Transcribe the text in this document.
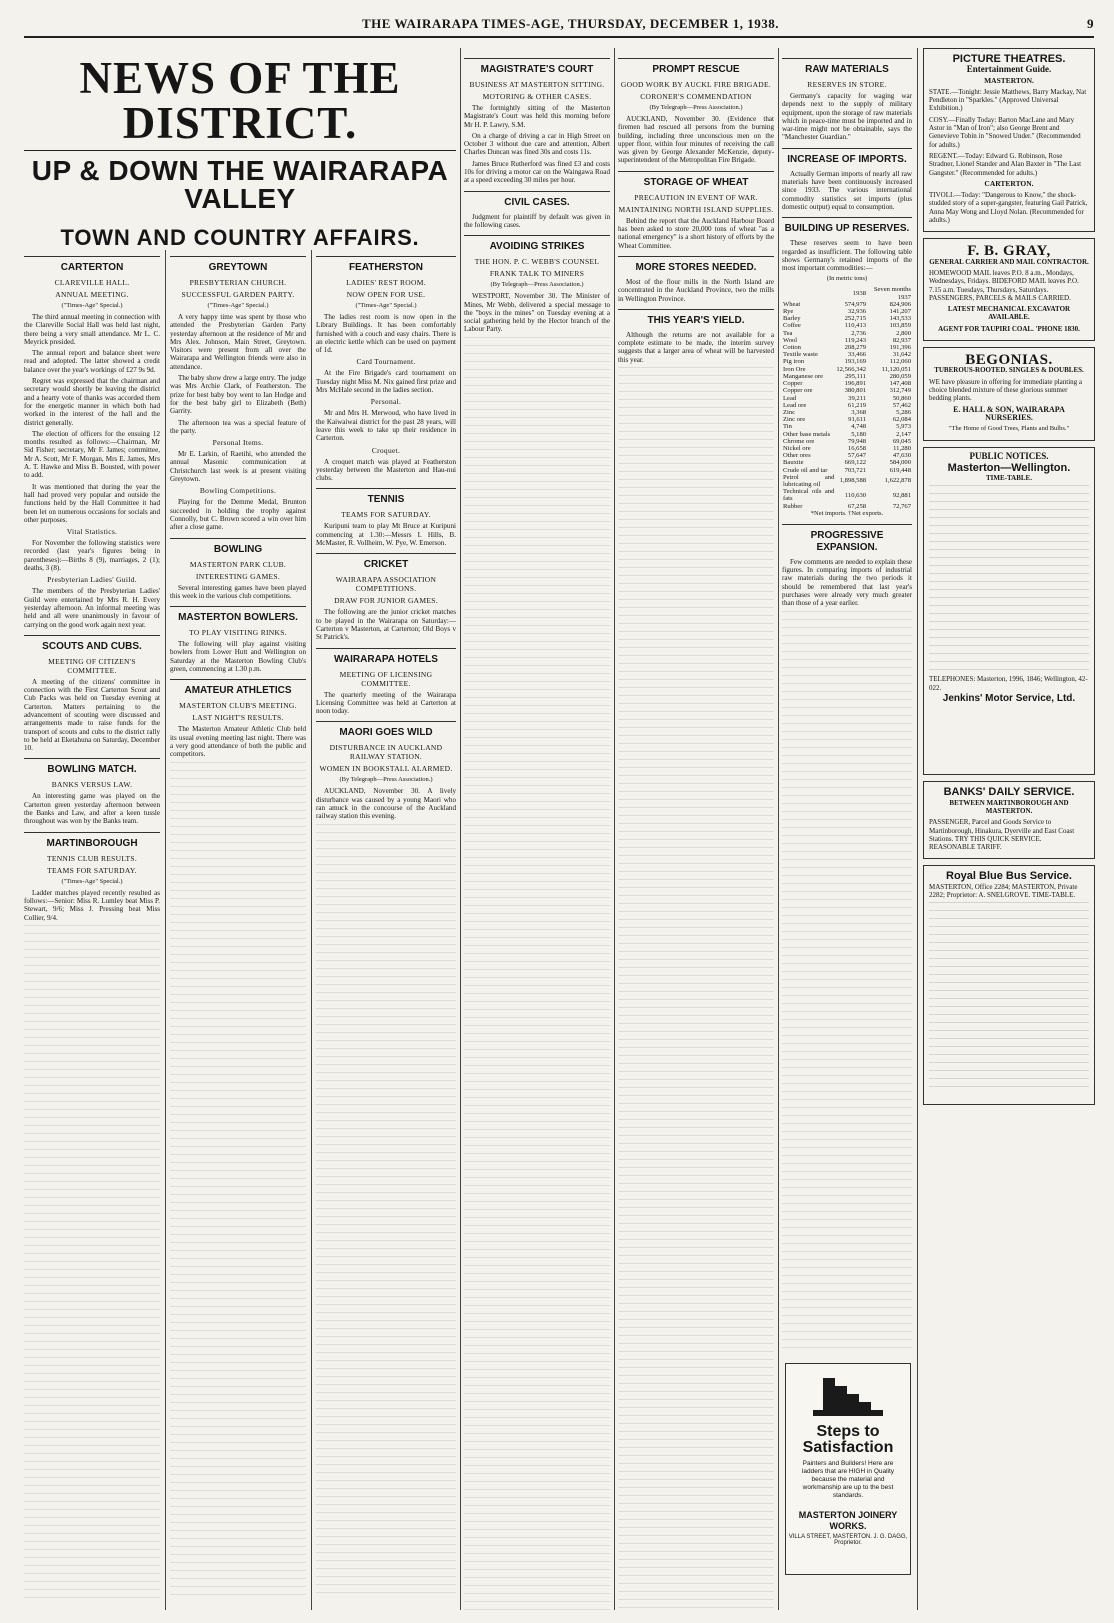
THE WAIRARAPA TIMES-AGE, THURSDAY, DECEMBER 1, 1938.	9
NEWS OF THE DISTRICT.
UP & DOWN THE WAIRARAPA VALLEY
TOWN AND COUNTRY AFFAIRS.
CARTERTON
CLAREVILLE HALL.
ANNUAL MEETING.
("Times-Age" Special.)

The third annual meeting in connection with the Clareville Social Hall was held last night, there being a very small attendance. Mr L. C. Meyrick presided.

The annual report and balance sheet were read and adopted. The latter showed a credit balance over the year's workings of £27 9s 9d.

Regret was expressed that the chairman and secretary would shortly be leaving the district and a hearty vote of thanks was accorded them for the energetic manner in which both had worked in the interest of the hall and the district generally.

The election of officers for the ensuing 12 months resulted as follows:—Chairman, Mr Sid Fisher; secretary, Mr F. James; committee, Mr A. Scott, Mr F. Morgan, Mrs E. James, Mrs A. T. Hawke and Miss B. Bousted, with power to add.

It was mentioned that during the year the hall had proved very popular and outside the functions held by the Hall Committee it had been let on numerous occasions for socials and other purposes.

Vital Statistics.

For November the following statistics were recorded (last year's figures being in parentheses):—Births 8 (9), marriages, 2 (1); deaths, 3 (8).

Presbyterian Ladies' Guild.

The members of the Presbyterian Ladies' Guild were entertained by Mrs R. H. Every yesterday afternoon. An informal meeting was held and all were unanimously in favour of carrying on the good work again next year.

SCOUTS AND CUBS.
MEETING OF CITIZEN'S COMMITTEE.

A meeting of the citizens' committee in connection with the First Carterton Scout and Cub Packs was held on Tuesday evening at Carterton. Matters pertaining to the advancement of scouting were discussed and arrangements made to raise funds for the transport of scouts and cubs to the district rally to be held at Eketahuna on Saturday, December 10.

BOWLING MATCH.
BANKS VERSUS LAW.

An interesting game was played on the Carterton green yesterday afternoon between the Banks and Law, and after a keen tussle throughout was won by the Banks team.

MARTINBOROUGH
TENNIS CLUB RESULTS.
TEAMS FOR SATURDAY.
("Times-Age" Special.)

Ladder matches played recently resulted as follows:—Senior: Miss R. Lumley beat Miss P. Stewart, 9/6; Miss J. Pressing beat Miss Collier, 9/4.

GREYTOWN
PRESBYTERIAN CHURCH.
SUCCESSFUL GARDEN PARTY.
("Times-Age" Special.)

A very happy time was spent by those who attended the Presbyterian Garden Party yesterday afternoon at the residence of Mr and Mrs Alex. Johnson, Main Street, Greytown. Visitors were present from all over the Wairarapa and Wellington friends were also in attendance.

The baby show drew a large entry. The judge was Mrs Archie Clark, of Featherston. The prize for best baby boy went to Ian Hodge and for the best baby girl to Elizabeth (Beth) Garrity.

The afternoon tea was a special feature of the party.

Personal Items.

Mr E. Larkin, of Raetihi, who attended the annual Masonic communication at Christchurch last week is at present visiting Greytown.

Bowling Competitions.

Playing for the Demme Medal, Brunton succeeded in holding the trophy against Connolly, but C. Brown scored a win over him after a close game.

BOWLING
MASTERTON PARK CLUB.
INTERESTING GAMES.

Several interesting games have been played this week in the various club competitions.

MASTERTON BOWLERS.
TO PLAY VISITING RINKS.

The following will play against visiting bowlers from Lower Hutt and Wellington on Saturday at the Masterton Bowling Club's green, commencing at 1.30 p.m.

AMATEUR ATHLETICS
MASTERTON CLUB'S MEETING.
LAST NIGHT'S RESULTS.

The Masterton Amateur Athletic Club held its usual evening meeting last night. There was a very good attendance of both the public and competitors.

FEATHERSTON
LADIES' REST ROOM.
NOW OPEN FOR USE.
("Times-Age" Special.)

The ladies rest room is now open in the Library Buildings. It has been comfortably furnished with a couch and easy chairs. There is an electric kettle which can be used on payment of 1d.

Card Tournament.

At the Fire Brigade's card tournament on Tuesday night Miss M. Nix gained first prize and Mrs McHale second in the ladies section.

Personal.

Mr and Mrs H. Merwood, who have lived in the Kaiwaiwai district for the past 28 years, will leave this week to take up their residence in Carterton.

Croquet.

A croquet match was played at Featherston yesterday between the Masterton and Hau-nui clubs.

TENNIS
TEAMS FOR SATURDAY.

Kuripuni team to play Mt Bruce at Kuripuni commencing at 1.30:—Messrs I. Hills, B. McMaster, R. Vollheim, W. Pye, W. Emerson.

CRICKET
WAIRARAPA ASSOCIATION COMPETITIONS.
DRAW FOR JUNIOR GAMES.

The following are the junior cricket matches to be played in the Wairarapa on Saturday:—Carterton v Masterton, at Carterton; Old Boys v St Patrick's.

WAIRARAPA HOTELS
MEETING OF LICENSING COMMITTEE.

The quarterly meeting of the Wairarapa Licensing Committee was held at Carterton at noon today.

MAORI GOES WILD
DISTURBANCE IN AUCKLAND RAILWAY STATION.
WOMEN IN BOOKSTALL ALARMED.
(By Telegraph—Press Association.)

AUCKLAND, November 30. A lively disturbance was caused by a young Maori who ran amuck in the concourse of the Auckland railway station this evening.

MAGISTRATE'S COURT
BUSINESS AT MASTERTON SITTING.
MOTORING & OTHER CASES.

The fortnightly sitting of the Masterton Magistrate's Court was held this morning before Mr H. P. Lawry, S.M.

On a charge of driving a car in High Street on October 3 without due care and attention, Albert Charles Duncan was fined 30s and costs 11s.

James Bruce Rutherford was fined £3 and costs 10s for driving a motor car on the Waingawa Road at a speed exceeding 30 miles per hour.

CIVIL CASES.

Judgment for plaintiff by default was given in the following cases.

AVOIDING STRIKES
THE HON. P. C. WEBB'S COUNSEL
FRANK TALK TO MINERS
(By Telegraph—Press Association.)

WESTPORT, November 30. The Minister of Mines, Mr Webb, delivered a special message to the "boys in the mines" on Tuesday evening at a social gathering held by the Hector branch of the Labour Party.

PROMPT RESCUE
GOOD WORK BY AUCKL FIRE BRIGADE.
CORONER'S COMMENDATION
(By Telegraph—Press Association.)

AUCKLAND, November 30. (Evidence that firemen had rescued all persons from the burning building, including three unconscious men on the upper floor, within four minutes of receiving the call was given by George Alexander McKenzie, deputy-superintendent of the Metropolitan Fire Brigade.

STORAGE OF WHEAT
PRECAUTION IN EVENT OF WAR.
MAINTAINING NORTH ISLAND SUPPLIES.

Behind the report that the Auckland Harbour Board has been asked to store 20,000 tons of wheat "as a national emergency" is a short history of efforts by the Wheat Committee.

MORE STORES NEEDED.

Most of the flour mills in the North Island are concentrated in the Auckland Province, two the mills in Wellington Province.

THIS YEAR'S YIELD.

Although the returns are not available for a complete estimate to be made, the interim survey suggests that a larger area of wheat will be harvested this year.

RAW MATERIALS
RESERVES IN STORE.

Germany's capacity for waging war depends next to the supply of military equipment, upon the storage of raw materials which in peace-time must be imported and in war-time might not be obtainable, says the "Manchester Guardian."

INCREASE OF IMPORTS.

Actually German imports of nearly all raw materials have been continuously increased since 1933. The various international commodity statistics set imports (plus domestic output) equal to consumption.

BUILDING UP RESERVES.

These reserves seem to have been regarded as insufficient. The following table shows Germany's retained imports of the most important commodities:—

(In metric tons)
	1938	Seven months 1937
Wheat	574,979	824,906
Rye	32,936	141,207
Barley	252,715	143,533
Coffee	110,413	103,859
Tea	2,736	2,800
Wool	119,243	82,937
Cotton	208,279	191,396
Textile waste	33,466	31,642
Pig iron	193,169	112,060
Iron Ore	12,566,342	11,120,051
Manganese ore	295,111	280,059
Copper	196,891	147,408
Copper ore	380,801	312,749
Lead	39,211	50,860
Lead ore	61,219	57,462
Zinc	3,368	5,286
Zinc ore	91,611	62,084
Tin	4,748	5,973
Other base metals	5,180	2,147
Chrome ore	79,948	69,045
Nickel ore	16,658	11,280
Other ores	57,647	47,630
Bauxite	669,122	584,000
Crude oil and tar	703,721	619,448
Petrol and lubricating oil	1,898,588	1,622,878
Technical oils and fats	110,630	92,881
Rubber	67,258	72,767
*Net imports. †Net exports.
PROGRESSIVE EXPANSION.

Few comments are needed to explain these figures. In comparing imports of industrial raw materials during the two periods it should be remembered that last year's purchases were already very much greater than those of a year earlier.

Steps to
Satisfaction
Painters and Builders! Here are ladders that are HIGH in Quality because the material and workmanship are up to the best standards.
MASTERTON JOINERY WORKS.
VILLA STREET, MASTERTON. J. G. DAGG, Proprietor.
PICTURE THEATRES.
Entertainment Guide.
MASTERTON.

STATE.—Tonight: Jessie Matthews, Barry Mackay, Nat Pendleton in "Sparkles." (Approved Universal Exhibition.)

COSY.—Finally Today: Barton MacLane and Mary Astor in "Man of Iron"; also George Brent and Genevieve Tobin in "Snowed Under." (Recommended for adults.)

REGENT.—Today: Edward G. Robinson, Rose Stradner, Lionel Stander and Alan Baxter in "The Last Gangster." (Recommended for adults.)

CARTERTON.

TIVOLI.—Today: "Dangerous to Know," the shock-studded story of a super-gangster, featuring Gail Patrick, Anna May Wong and Lloyd Nolan. (Recommended for adults.)

F. B. GRAY,
GENERAL CARRIER AND MAIL CONTRACTOR.

HOMEWOOD MAIL leaves P.O. 8 a.m., Mondays, Wednesdays, Fridays. BIDEFORD MAIL leaves P.O. 7.15 a.m. Tuesdays, Thursdays, Saturdays. PASSENGERS, PARCELS & MAILS CARRIED.

LATEST MECHANICAL EXCAVATOR AVAILABLE.
AGENT FOR TAUPIRI COAL. 'PHONE 1830.
BEGONIAS.
TUBEROUS-ROOTED. SINGLES & DOUBLES.

WE have pleasure in offering for immediate planting a choice blended mixture of these glorious summer bedding plants.

E. HALL & SON, WAIRARAPA NURSERIES.
"The Home of Good Trees, Plants and Bulbs."
PUBLIC NOTICES.
Masterton—Wellington.
TIME-TABLE.

TELEPHONES: Masterton, 1996, 1846; Wellington, 42-022.

Jenkins' Motor Service, Ltd.
BANKS' DAILY SERVICE.
BETWEEN MARTINBOROUGH AND MASTERTON.

PASSENGER, Parcel and Goods Service to Martinborough, Hinakura, Dyerville and East Coast Stations. TRY THIS QUICK SERVICE. REASONABLE TARIFF.

Royal Blue Bus Service.

MASTERTON, Office 2284; MASTERTON, Private 2282; Proprietor: A. SNELGROVE. TIME-TABLE.
